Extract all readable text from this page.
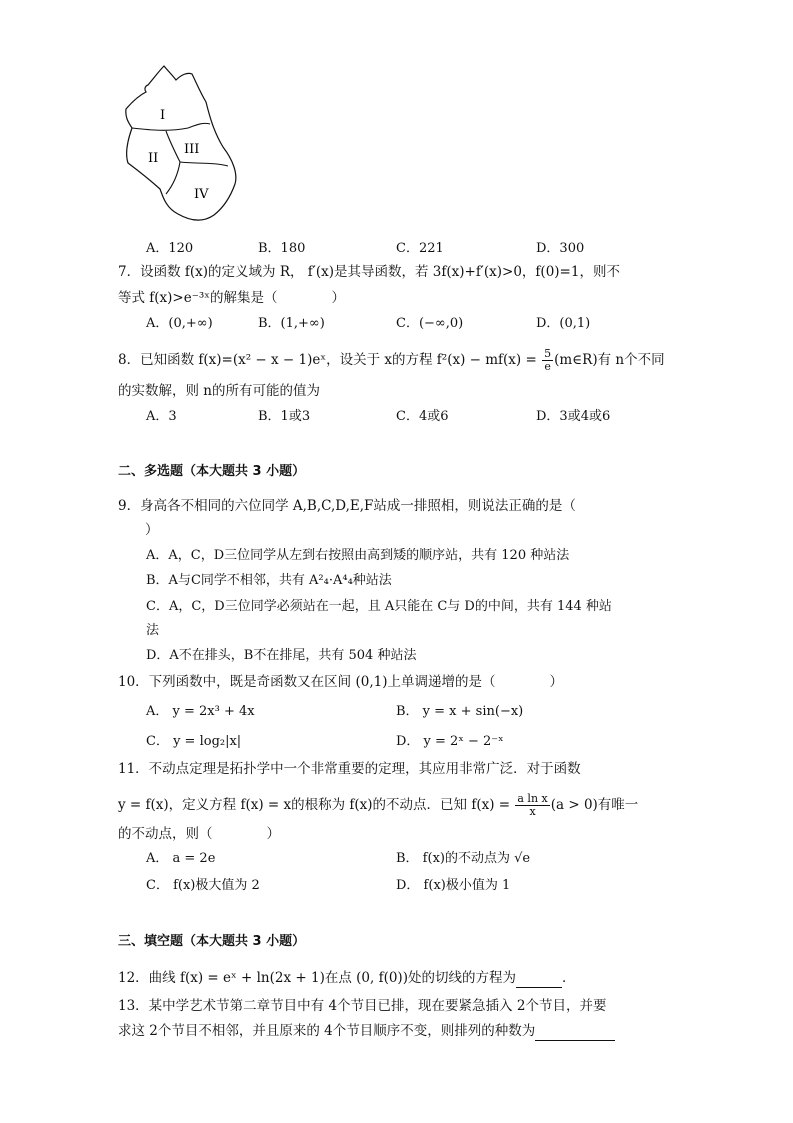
I
II
III
IV
A．120	B．180	C．221	D．300
7．设函数 f(x)的定义域为 R， f′(x)是其导函数，若 3f(x)+f′(x)>0，f(0)=1，则不
等式 f(x)>e⁻³ˣ的解集是（　　　　）
A．(0,+∞)	B．(1,+∞)	C．(−∞,0)	D．(0,1)
8．已知函数 f(x)=(x² − x − 1)eˣ，设关于 x的方程 $f^2(x) - mf(x) = \frac{5}{e}$ (m∈R)有 n个不同
的实数解，则 n的所有可能的值为
A．3	B．1或3	C．4或6	D．3或4或6
二、多选题（本大题共 3 小题）
9．身高各不相同的六位同学 A,B,C,D,E,F站成一排照相，则说法正确的是（
　　）
A．A，C，D三位同学从左到右按照由高到矮的顺序站，共有 120 种站法
B．A与C同学不相邻，共有 A²₄·A⁴₄种站法
C．A，C，D三位同学必须站在一起，且 A只能在 C与 D的中间，共有 144 种站
法
D．A不在排头，B不在排尾，共有 504 种站法
10．下列函数中，既是奇函数又在区间 (0,1)上单调递增的是（　　　　）
A． y = 2x³ + 4x	B． y = x + sin(−x)
C． y = log₂|x|	D． y = 2ˣ − 2⁻ˣ
11．不动点定理是拓扑学中一个非常重要的定理，其应用非常广泛．对于函数
y = f(x)，定义方程 f(x) = x的根称为 f(x)的不动点．已知 $f(x) = \frac{\text{a ln x}}{x} (a > 0)$有唯一
的不动点，则（　　　　）
A． a = 2e	B． f(x)的不动点为 √e
C． f(x)极大值为 2	D． f(x)极小值为 1
三、填空题（本大题共 3 小题）
12．曲线 f(x) = eˣ + ln(2x + 1)在点 (0, f(0))处的切线的方程为	．
13．某中学艺术节第二章节目中有 4个节目已排，现在要紧急插入 2个节目，并要
求这 2个节目不相邻，并且原来的 4个节目顺序不变，则排列的种数为
